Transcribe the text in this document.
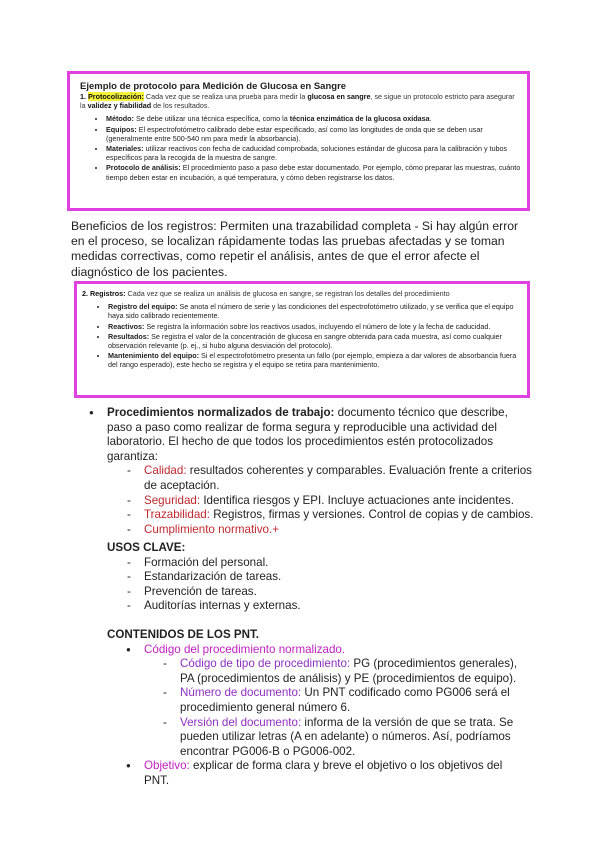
Ejemplo de protocolo para Medición de Glucosa en Sangre

1. Protocolización: Cada vez que se realiza una prueba para medir la glucosa en sangre, se sigue un protocolo estricto para asegurar la validez y fiabilidad de los resultados.

• Método: Se debe utilizar una técnica específica, como la técnica enzimática de la glucosa oxidasa.
• Equipos: El espectrofotómetro calibrado debe estar especificado, así como las longitudes de onda que se deben usar (generalmente entre 500-540 nm para medir la absorbancia).
• Materiales: utilizar reactivos con fecha de caducidad comprobada, soluciones estándar de glucosa para la calibración y tubos específicos para la recogida de la muestra de sangre.
• Protocolo de análisis: El procedimiento paso a paso debe estar documentado. Por ejemplo, cómo preparar las muestras, cuánto tiempo deben estar en incubación, a qué temperatura, y cómo deben registrarse los datos.
Beneficios de los registros: Permiten una trazabilidad completa - Si hay algún error en el proceso, se localizan rápidamente todas las pruebas afectadas y se toman medidas correctivas, como repetir el análisis, antes de que el error afecte el diagnóstico de los pacientes.

2. Registros: Cada vez que se realiza un análisis de glucosa en sangre, se registran los detalles del procedimiento

• Registro del equipo: Se anota el número de serie y las condiciones del espectrofotómetro utilizado, y se verifica que el equipo haya sido calibrado recientemente.
• Reactivos: Se registra la información sobre los reactivos usados, incluyendo el número de lote y la fecha de caducidad.
• Resultados: Se registra el valor de la concentración de glucosa en sangre obtenida para cada muestra, así como cualquier observación relevante (p. ej., si hubo alguna desviación del protocolo).
• Mantenimiento del equipo: Si el espectrofotómetro presenta un fallo (por ejemplo, empieza a dar valores de absorbancia fuera del rango esperado), este hecho se registra y el equipo se retira para mantenimiento.
● Procedimientos normalizados de trabajo: documento técnico que describe, paso a paso como realizar de forma segura y reproducible una actividad del laboratorio. El hecho de que todos los procedimientos estén protocolizados garantiza:
- Calidad: resultados coherentes y comparables. Evaluación frente a criterios de aceptación.
- Seguridad: Identifica riesgos y EPI. Incluye actuaciones ante incidentes.
- Trazabilidad: Registros, firmas y versiones. Control de copias y de cambios.
- Cumplimiento normativo.+

USOS CLAVE:

- Formación del personal.
- Estandarización de tareas.
- Prevención de tareas.
- Auditorías internas y externas.

CONTENIDOS DE LOS PNT.

● Código del procedimiento normalizado.
- Código de tipo de procedimiento: PG (procedimientos generales), PA (procedimientos de análisis) y PE (procedimientos de equipo).
- Número de documento: Un PNT codificado como PG006 será el procedimiento general número 6.
- Versión del documento: informa de la versión de que se trata. Se pueden utilizar letras (A en adelante) o números. Así, podríamos encontrar PG006-B o PG006-002.
● Objetivo: explicar de forma clara y breve el objetivo o los objetivos del PNT.
